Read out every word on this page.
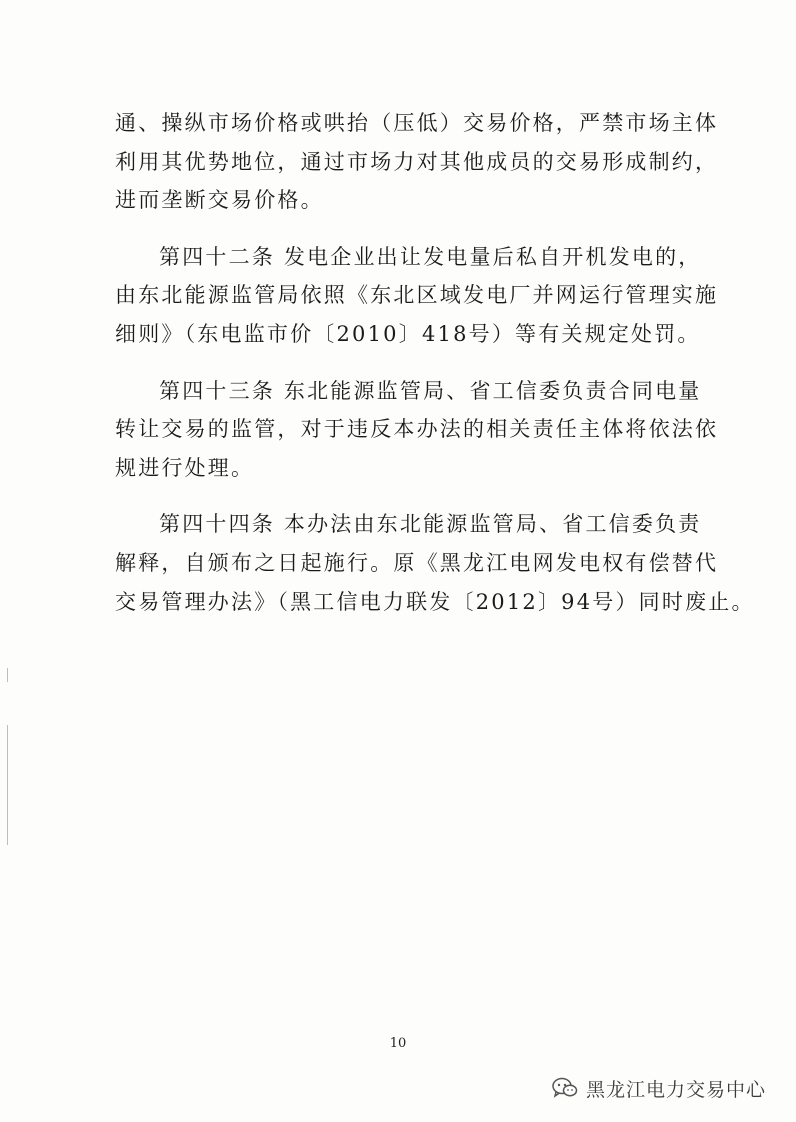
通、操纵市场价格或哄抬（压低）交易价格，严禁市场主体
利用其优势地位，通过市场力对其他成员的交易形成制约，
进而垄断交易价格。
第四十二条 发电企业出让发电量后私自开机发电的，
由东北能源监管局依照《东北区域发电厂并网运行管理实施
细则》（东电监市价〔2010〕418号）等有关规定处罚。
第四十三条 东北能源监管局、省工信委负责合同电量
转让交易的监管，对于违反本办法的相关责任主体将依法依
规进行处理。
第四十四条 本办法由东北能源监管局、省工信委负责
解释，自颁布之日起施行。原《黑龙江电网发电权有偿替代
交易管理办法》（黑工信电力联发〔2012〕94号）同时废止。
10
黑龙江电力交易中心
